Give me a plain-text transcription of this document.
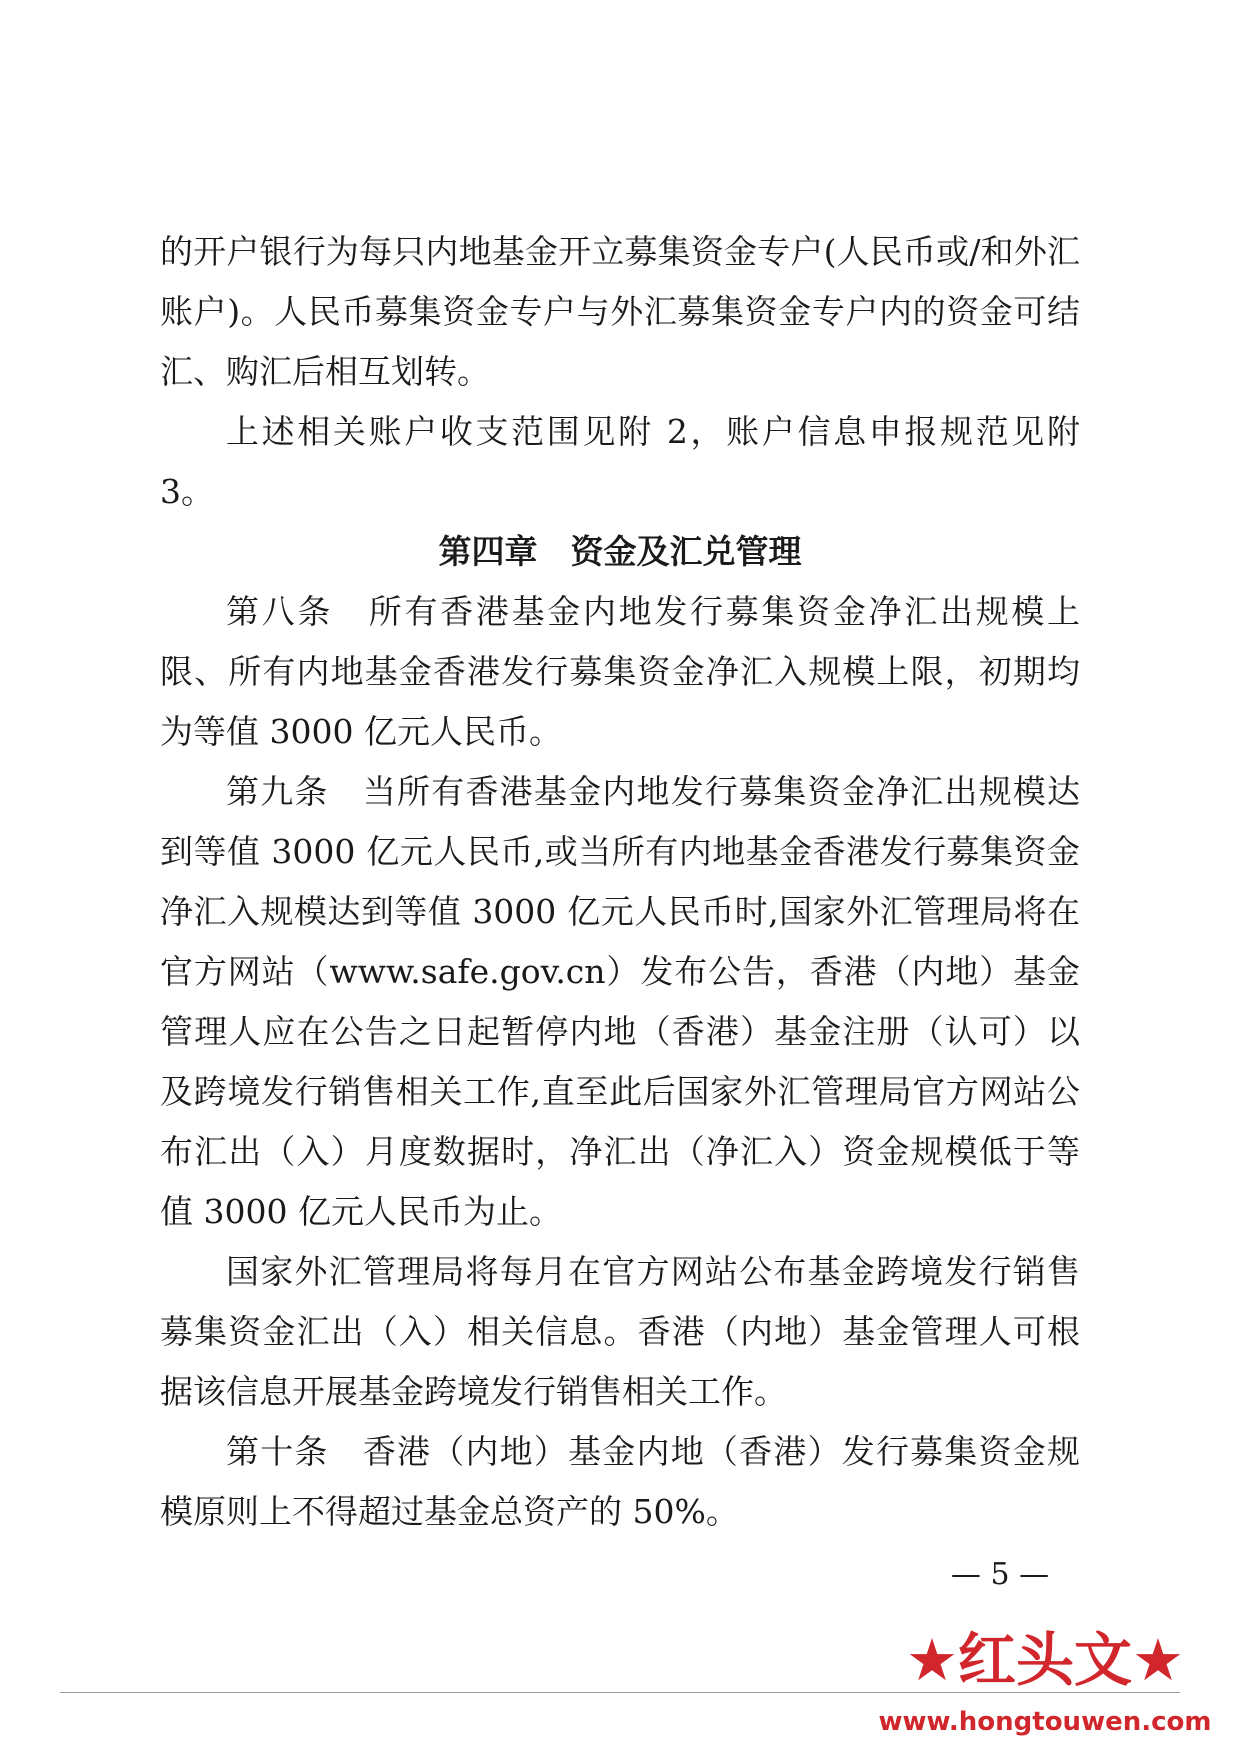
的开户银行为每只内地基金开立募集资金专户(人民币或/和外汇账户)。人民币募集资金专户与外汇募集资金专户内的资金可结汇、购汇后相互划转。

上述相关账户收支范围见附 2，账户信息申报规范见附 3。

第四章　资金及汇兑管理

第八条　所有香港基金内地发行募集资金净汇出规模上限、所有内地基金香港发行募集资金净汇入规模上限，初期均为等值 3000 亿元人民币。

第九条　当所有香港基金内地发行募集资金净汇出规模达到等值 3000 亿元人民币,或当所有内地基金香港发行募集资金净汇入规模达到等值 3000 亿元人民币时,国家外汇管理局将在官方网站（www.safe.gov.cn）发布公告，香港（内地）基金管理人应在公告之日起暂停内地（香港）基金注册（认可）以及跨境发行销售相关工作,直至此后国家外汇管理局官方网站公布汇出（入）月度数据时，净汇出（净汇入）资金规模低于等值 3000 亿元人民币为止。

国家外汇管理局将每月在官方网站公布基金跨境发行销售募集资金汇出（入）相关信息。香港（内地）基金管理人可根据该信息开展基金跨境发行销售相关工作。

第十条　香港（内地）基金内地（香港）发行募集资金规模原则上不得超过基金总资产的 50%。

— 5 —
★红头文★
www.hongtouwen.com
